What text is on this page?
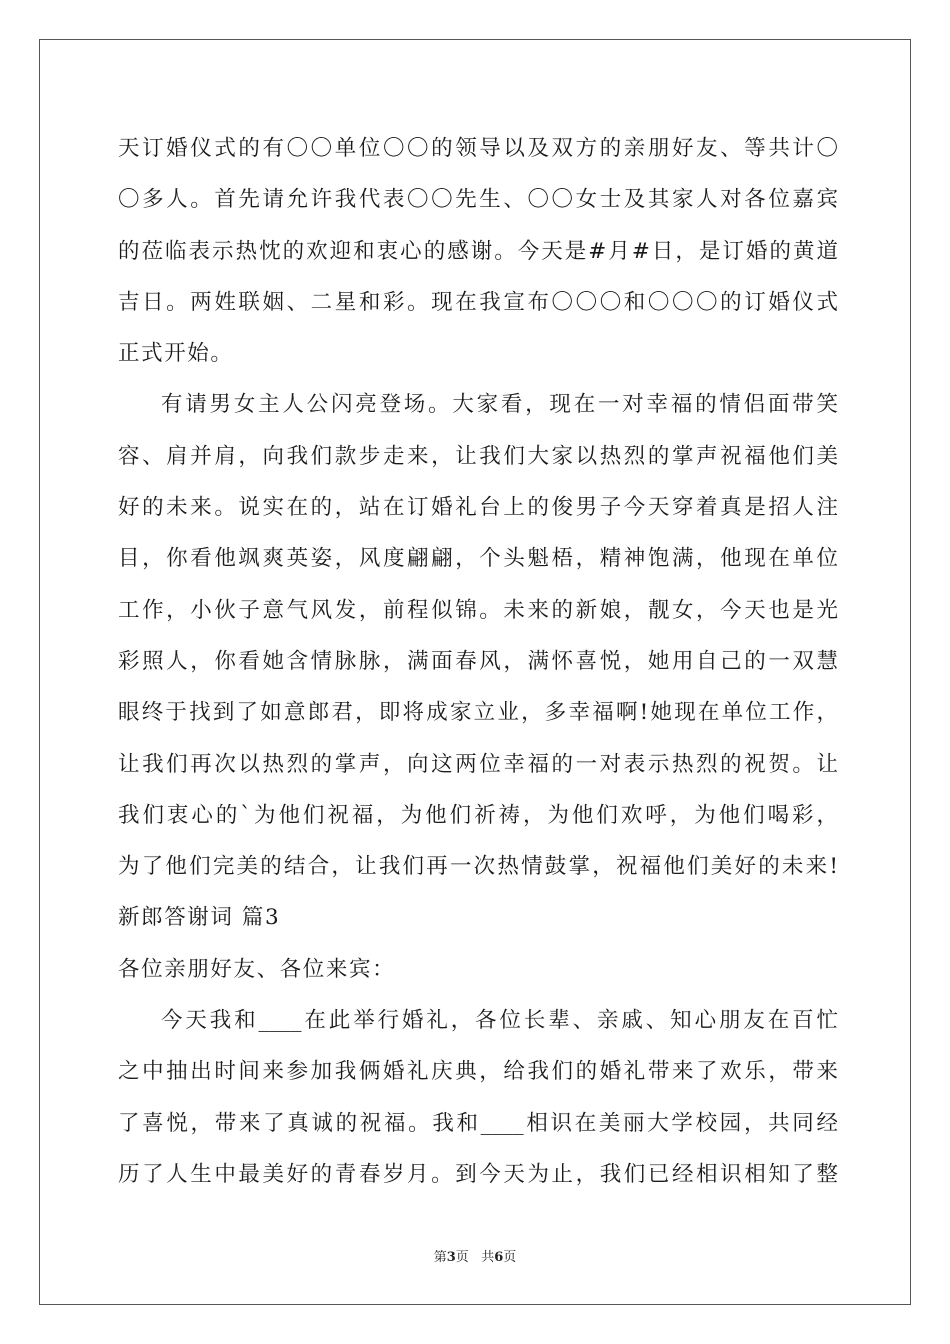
天订婚仪式的有〇〇单位〇〇的领导以及双方的亲朋好友、等共计〇
〇多人。首先请允许我代表〇〇先生、〇〇女士及其家人对各位嘉宾
的莅临表示热忱的欢迎和衷心的感谢。今天是#月#日，是订婚的黄道
吉日。两姓联姻、二星和彩。现在我宣布〇〇〇和〇〇〇的订婚仪式
正式开始。
有请男女主人公闪亮登场。大家看，现在一对幸福的情侣面带笑
容、肩并肩，向我们款步走来，让我们大家以热烈的掌声祝福他们美
好的未来。说实在的，站在订婚礼台上的俊男子今天穿着真是招人注
目，你看他飒爽英姿，风度翩翩，个头魁梧，精神饱满，他现在单位
工作，小伙子意气风发，前程似锦。未来的新娘，靓女，今天也是光
彩照人，你看她含情脉脉，满面春风，满怀喜悦，她用自己的一双慧
眼终于找到了如意郎君，即将成家立业，多幸福啊!她现在单位工作，
让我们再次以热烈的掌声，向这两位幸福的一对表示热烈的祝贺。让
我们衷心的`为他们祝福，为他们祈祷，为他们欢呼，为他们喝彩，
为了他们完美的结合，让我们再一次热情鼓掌，祝福他们美好的未来!
新郎答谢词 篇3
各位亲朋好友、各位来宾：
今天我和____在此举行婚礼，各位长辈、亲戚、知心朋友在百忙
之中抽出时间来参加我俩婚礼庆典，给我们的婚礼带来了欢乐，带来
了喜悦，带来了真诚的祝福。我和____相识在美丽大学校园，共同经
历了人生中最美好的青春岁月。到今天为止，我们已经相识相知了整
第3页 共6页
